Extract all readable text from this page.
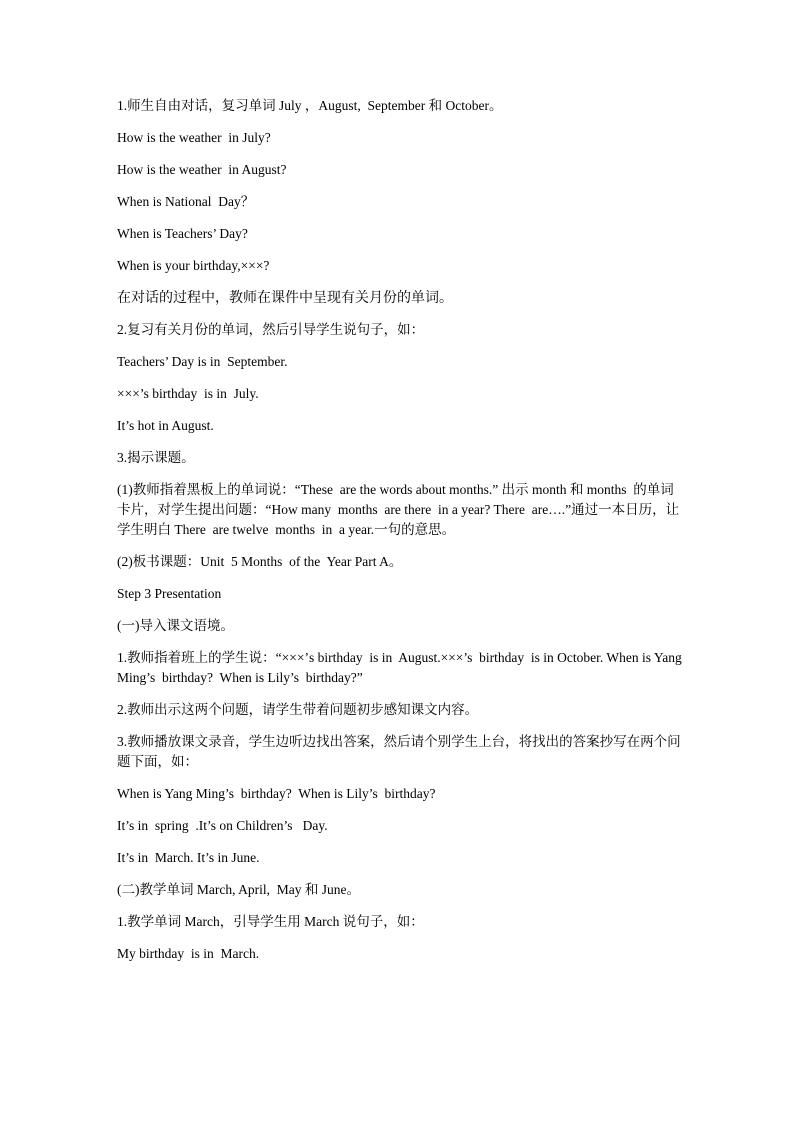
1.师生自由对话，复习单词 July ，August,  September 和 October。

How is the weather  in July?

How is the weather  in August?

When is National  Day？

When is Teachers’ Day?

When is your birthday,×××?

在对话的过程中，教师在课件中呈现有关月份的单词。

2.复习有关月份的单词，然后引导学生说句子，如：

Teachers’ Day is in  September.

×××’s birthday  is in  July.

It’s hot in August.

3.揭示课题。

(1)教师指着黑板上的单词说：“These  are the words about months.” 出示 month 和 months  的单词卡片，对学生提出问题：“How many  months  are there  in a year? There  are….”通过一本日历，让学生明白 There  are twelve  months  in  a year.一句的意思。

(2)板书课题：Unit  5 Months  of the  Year Part A。

Step 3 Presentation

(一)导入课文语境。

1.教师指着班上的学生说：“×××’s birthday  is in  August.×××’s  birthday  is in October. When is Yang Ming’s  birthday?  When is Lily’s  birthday?”

2.教师出示这两个问题，请学生带着问题初步感知课文内容。

3.教师播放课文录音，学生边听边找出答案，然后请个别学生上台，将找出的答案抄写在两个问题下面，如：

When is Yang Ming’s  birthday?  When is Lily’s  birthday?

It’s in  spring  .It’s on Children’s   Day.

It’s in  March. It’s in June.

(二)教学单词 March, April,  May 和 June。

1.教学单词 March，引导学生用 March 说句子，如：

My birthday  is in  March.
